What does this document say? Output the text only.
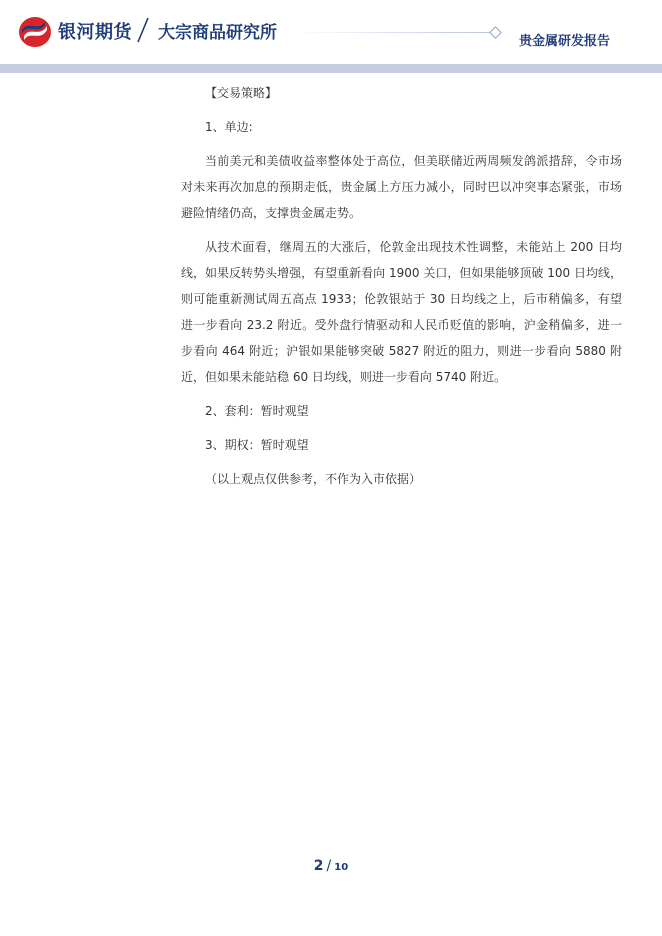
银河期货 大宗商品研究所	贵金属研发报告

【交易策略】

1、单边:

当前美元和美债收益率整体处于高位，但美联储近两周频发鸽派措辞，令市场对未来再次加息的预期走低，贵金属上方压力减小，同时巴以冲突事态紧张，市场避险情绪仍高，支撑贵金属走势。

从技术面看，继周五的大涨后，伦敦金出现技术性调整，未能站上 200 日均线，如果反转势头增强，有望重新看向 1900 关口，但如果能够顶破 100 日均线，则可能重新测试周五高点 1933；伦敦银站于 30 日均线之上，后市稍偏多，有望进一步看向 23.2 附近。受外盘行情驱动和人民币贬值的影响，沪金稍偏多，进一步看向 464 附近；沪银如果能够突破 5827 附近的阻力，则进一步看向 5880 附近，但如果未能站稳 60 日均线，则进一步看向 5740 附近。

2、套利：暂时观望

3、期权：暂时观望

（以上观点仅供参考，不作为入市依据）

2 / 10
